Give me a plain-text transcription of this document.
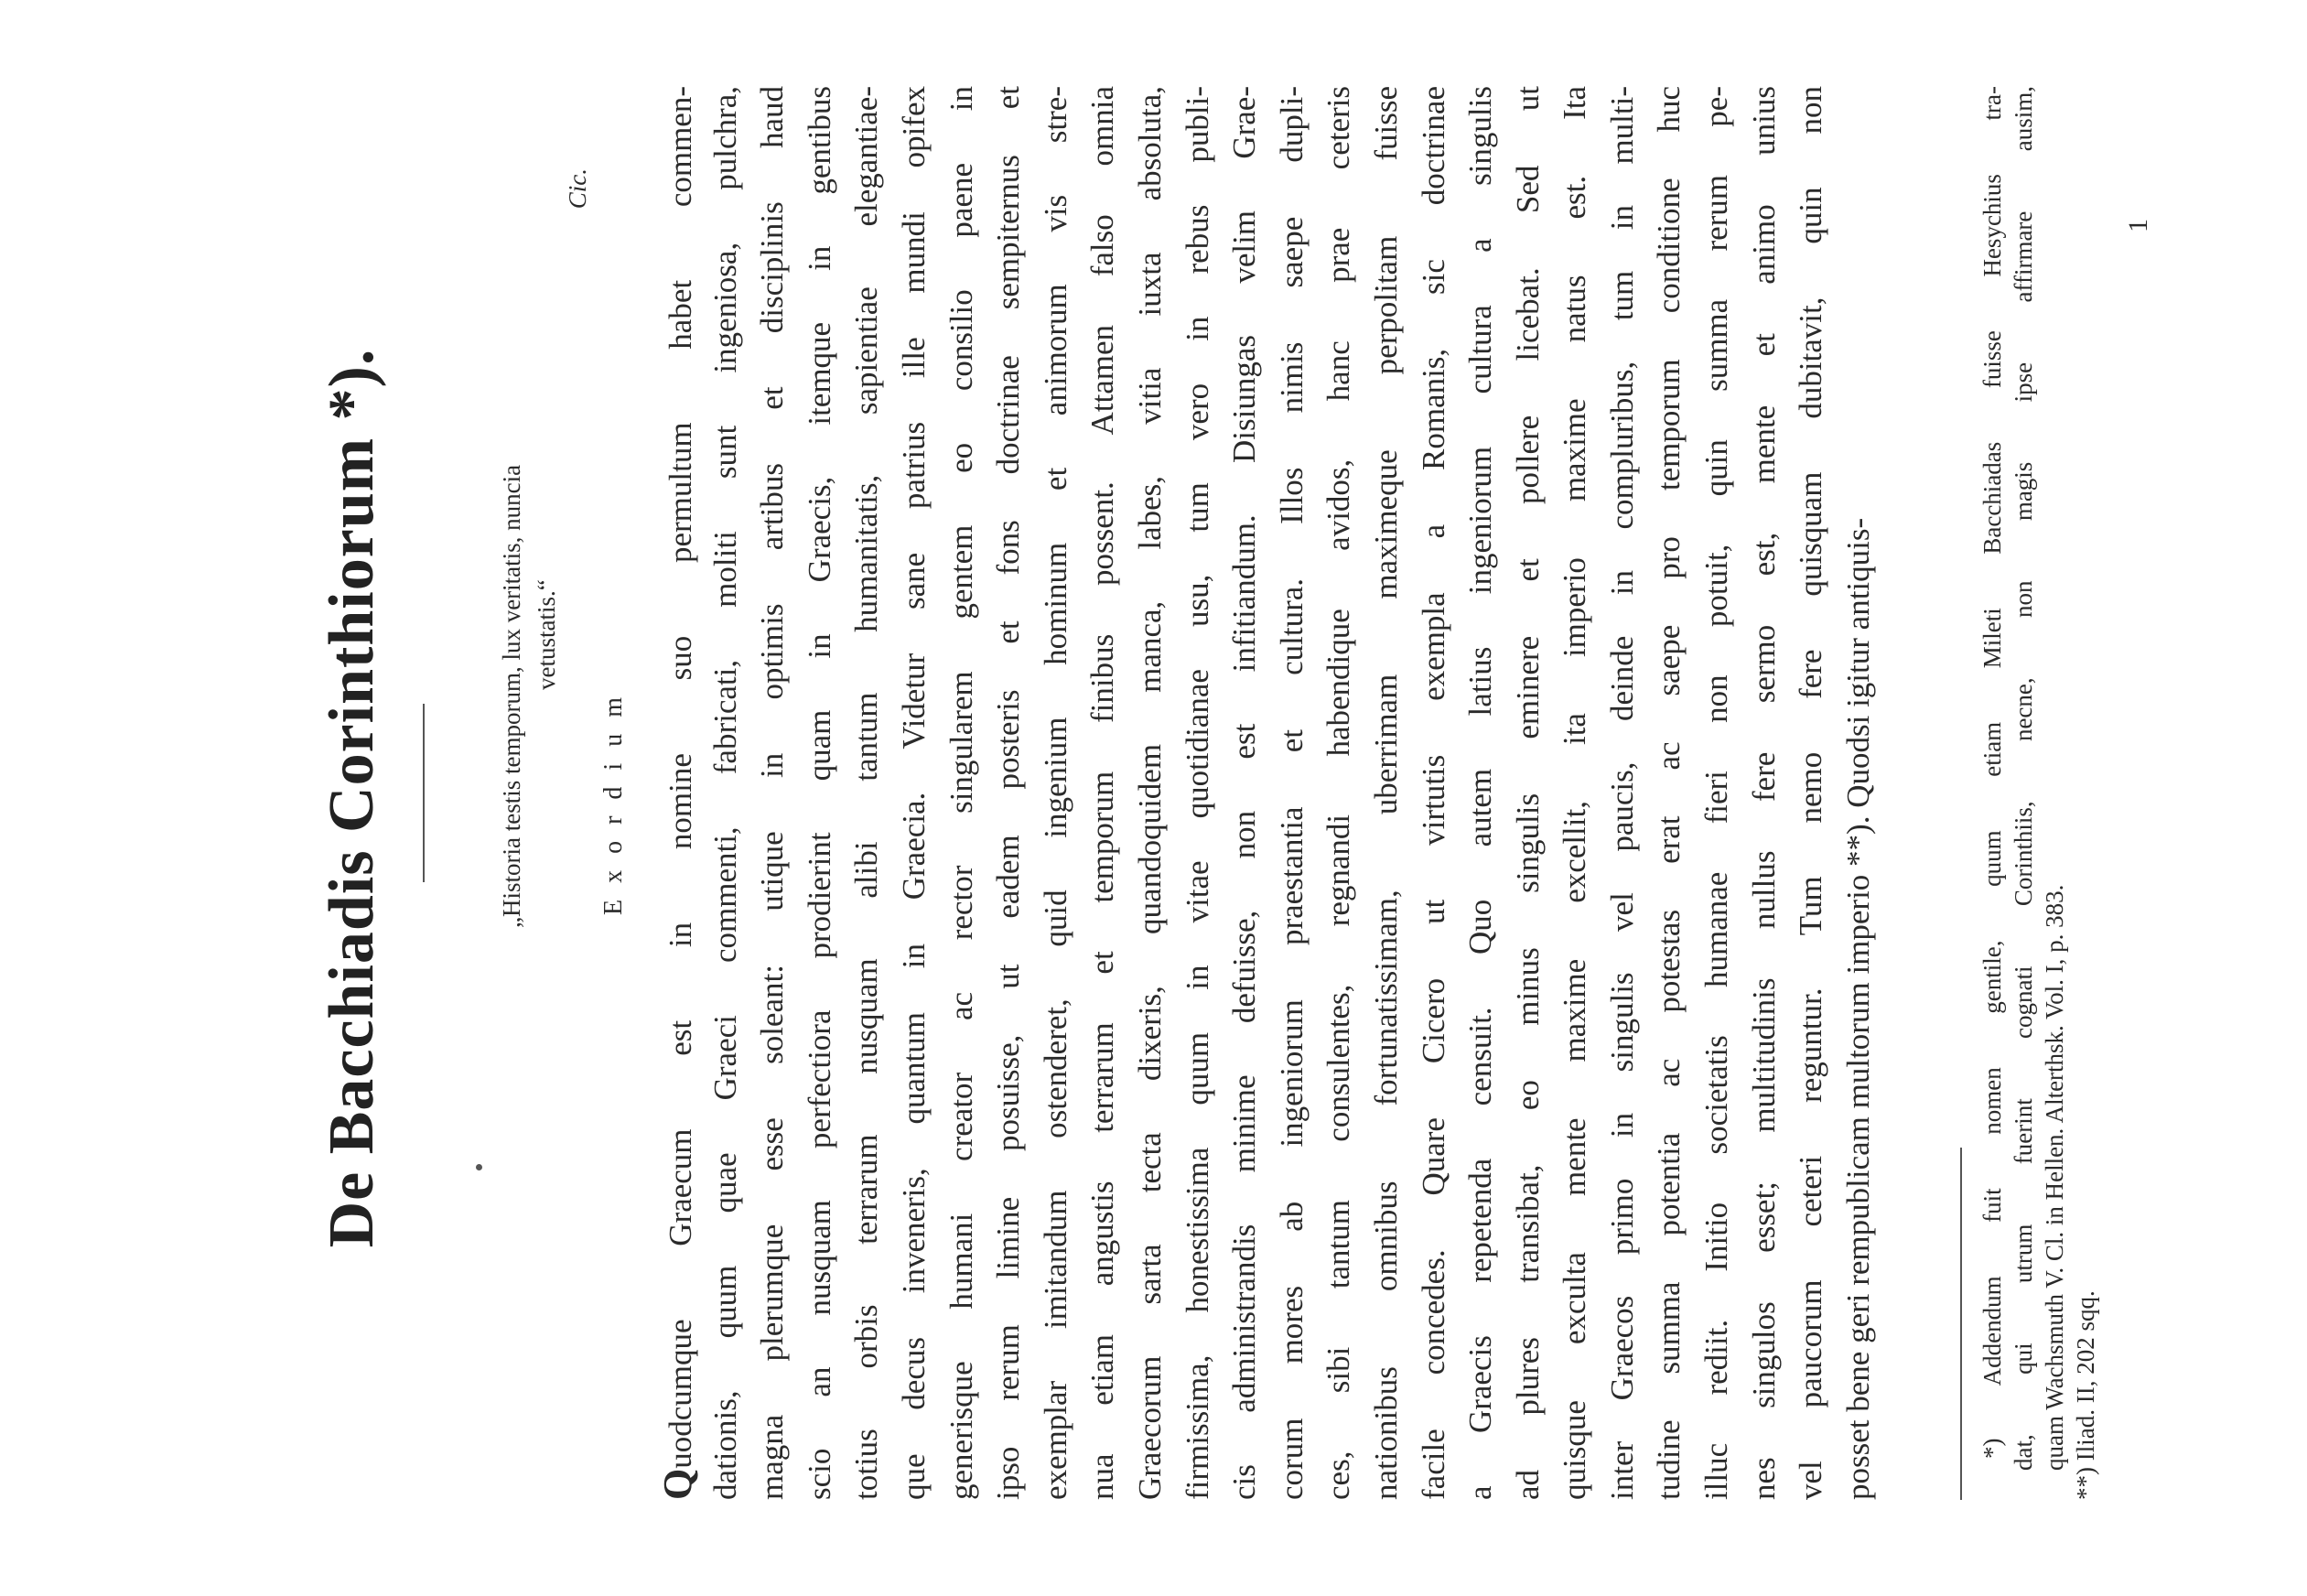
De Bacchiadis Corinthiorum *).	„Historia testis temporum, lux veritatis, nuncia vetustatis.“
Cic.
Exordium
Quodcumque Graecum est in nomine suo permultum habet commen- dationis, quum quae Graeci commenti, fabricati, moliti sunt ingeniosa, pulchra, magna plerumque esse soleant: utique in optimis artibus et disciplinis haud scio an nusquam perfectiora prodierint quam in Graecis, itemque in gentibus totius orbis terrarum nusquam alibi tantum humanitatis, sapientiae elegantiae- que decus inveneris, quantum in Graecia. Videtur sane patrius ille mundi opifex generisque humani creator ac rector singularem gentem eo consilio paene in ipso rerum limine posuisse, ut eadem posteris et fons doctrinae sempiternus et exemplar imitandum ostenderet, quid ingenium hominum et animorum vis stre- nua etiam angustis terrarum et temporum finibus possent. Attamen falso omnia Graecorum sarta tecta dixeris, quandoquidem manca, labes, vitia iuxta absoluta, firmissima, honestissima quum in vitae quotidianae usu, tum vero in rebus publi- cis administrandis minime defuisse, non est infitiandum. Disiungas velim Grae- corum mores ab ingeniorum praestantia et cultura. Illos nimis saepe dupli- ces, sibi tantum consulentes, regnandi habendique avidos, hanc prae ceteris nationibus omnibus fortunatissimam, uberrimam maximeque perpolitam fuisse facile concedes. Quare Cicero ut virtutis exempla a Romanis, sic doctrinae a Graecis repetenda censuit. Quo autem latius ingeniorum cultura a singulis ad plures transibat, eo minus singulis eminere et pollere licebat. Sed ut quisque exculta mente maxime excellit, ita imperio maxime natus est. Ita inter Graecos primo in singulis vel paucis, deinde in compluribus, tum in multi- tudine summa potentia ac potestas erat ac saepe pro temporum conditione huc illuc rediit. Initio societatis humanae fieri non potuit, quin summa rerum pe- nes singulos esset; multitudinis nullus fere sermo est, mente et animo unius vel paucorum ceteri reguntur. Tum nemo fere quisquam dubitavit, quin non posset bene geri rempublicam multorum imperio **). Quodsi igitur antiquis-	*) Addendum fuit nomen gentile, quum etiam Mileti Bacchiadas fuisse Hesychius tra- dat, qui utrum fuerint cognati Corinthiis, necne, non magis ipse affirmare ausim, quam Wachsmuth V. Cl. in Hellen. Alterthsk. Vol. I, p. 383. **) Iliad. II, 202 sqq.
1
